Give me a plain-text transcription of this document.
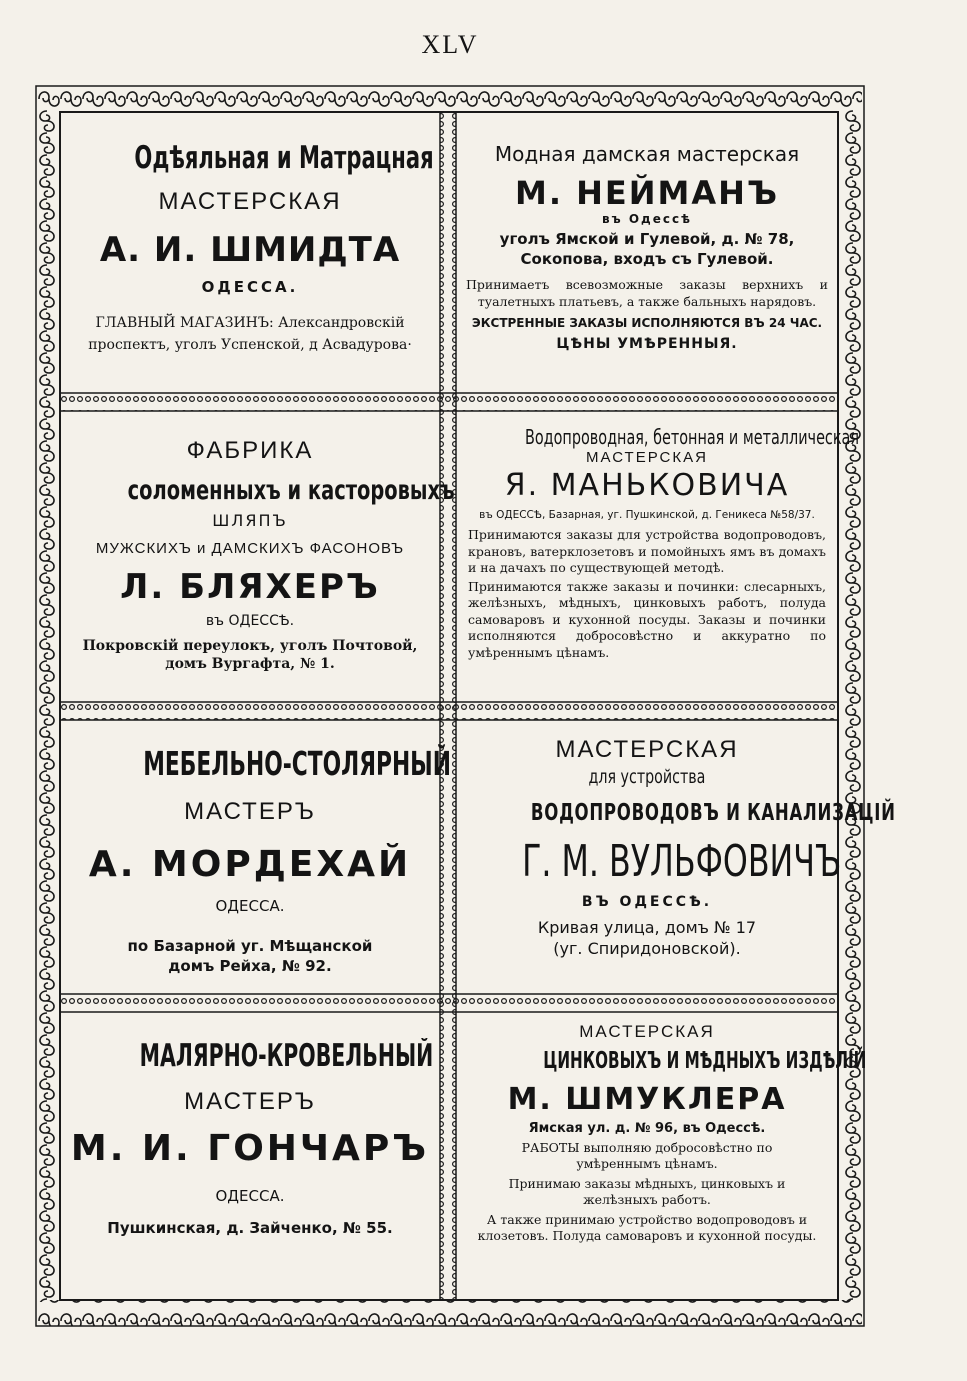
XLV
Одѣяльная и Матрацная
МАСТЕРСКАЯ
А. И. ШМИДТА
ОДЕССА.
ГЛАВНЫЙ МАГАЗИНЪ: Александровскій проспектъ, уголъ Успенской, д Асвадурова·
Модная дамская мастерская
М. НЕЙМАНЪ
въ Одессѣ
уголъ Ямской и Гулевой, д. № 78,
Сокопова, входъ съ Гулевой.
Принимаетъ всевозможные заказы верхнихъ и туалетныхъ платьевъ, а также бальныхъ нарядовъ.
ЭКСТРЕННЫЕ ЗАКАЗЫ ИСПОЛНЯЮТСЯ ВЪ 24 ЧАС.
ЦѢНЫ УМѢРЕННЫЯ.
ФАБРИКА
соломенныхъ и касторовыхъ
ШЛЯПЪ
МУЖСКИХЪ и ДАМСКИХЪ ФАСОНОВЪ
Л. БЛЯХЕРЪ
въ ОДЕССѢ.
Покровскій переулокъ, уголъ Почтовой, домъ Вургафта, № 1.
Водопроводная, бетонная и металлическая
МАСТЕРСКАЯ
Я. МАНЬКОВИЧА
въ ОДЕССѢ, Базарная, уг. Пушкинской, д. Геникеса №58/37.
Принимаются заказы для устройства водопроводовъ, крановъ, ватерклозетовъ и помойныхъ ямъ въ домахъ и на дачахъ по существующей методѣ.
Принимаются также заказы и починки: слесарныхъ, желѣзныхъ, мѣдныхъ, цинковыхъ работъ, полуда самоваровъ и кухонной посуды. Заказы и починки исполняются добросовѣстно и аккуратно по умѣреннымъ цѣнамъ.
МЕБЕЛЬНО-СТОЛЯРНЫЙ
МАСТЕРЪ
А. МОРДЕХАЙ
ОДЕССА.
по Базарной уг. Мѣщанской
домъ Рейха, № 92.
МАСТЕРСКАЯ
для устройства
ВОДОПРОВОДОВЪ И КАНАЛИЗАЦІЙ
Г. М. ВУЛЬФОВИЧЪ
ВЪ ОДЕССѢ.
Кривая улица, домъ № 17
(уг. Спиридоновской).
МАЛЯРНО-КРОВЕЛЬНЫЙ
МАСТЕРЪ
М. И. ГОНЧАРЪ
ОДЕССА.
Пушкинская, д. Зайченко, № 55.
МАСТЕРСКАЯ
ЦИНКОВЫХЪ И МѢДНЫХЪ ИЗДѢЛІЙ
М. ШМУКЛЕРА
Ямская ул. д. № 96, въ Одессѣ.
РАБОТЫ выполняю добросовѣстно по умѣреннымъ цѣнамъ.
Принимаю заказы мѣдныхъ, цинковыхъ и желѣзныхъ работъ.
А также принимаю устройство водопроводовъ и клозетовъ. Полуда самоваровъ и кухонной посуды.
